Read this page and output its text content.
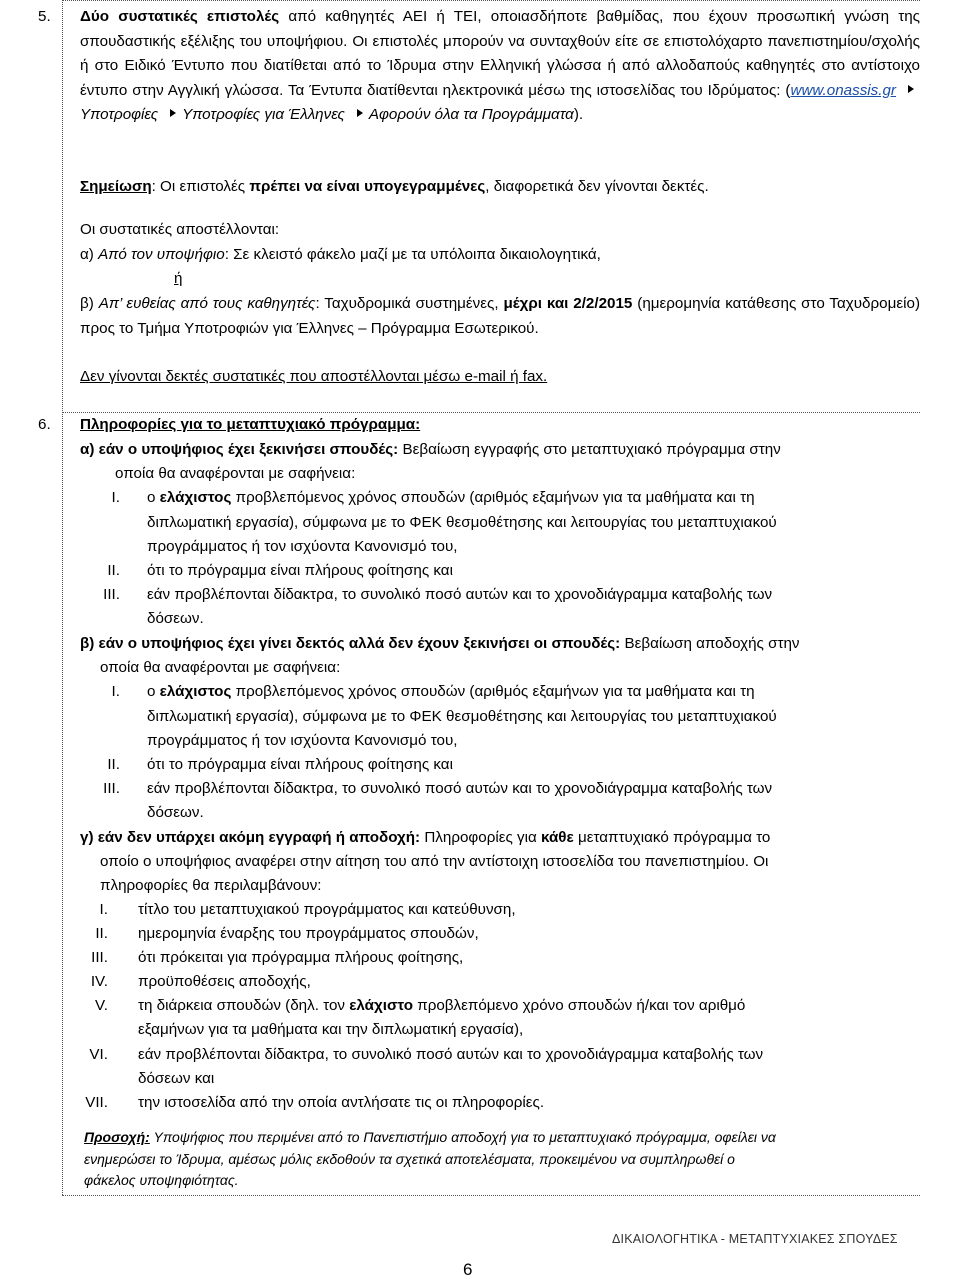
5. Δύο συστατικές επιστολές από καθηγητές ΑΕΙ ή ΤΕΙ, οποιασδήποτε βαθμίδας, που έχουν προσωπική γνώση της σπουδαστικής εξέλιξης του υποψήφιου. Οι επιστολές μπορούν να συνταχθούν είτε σε επιστολόχαρτο πανεπιστημίου/σχολής ή στο Ειδικό Έντυπο που διατίθεται από το Ίδρυμα στην Ελληνική γλώσσα ή από αλλοδαπούς καθηγητές στο αντίστοιχο έντυπο στην Αγγλική γλώσσα. Τα Έντυπα διατίθενται ηλεκτρονικά μέσω της ιστοσελίδας του Ιδρύματος: (www.onassis.grΥποτροφίες Υποτροφίες για Έλληνες Αφορούν όλα τα Προγράμματα).
Σημείωση: Οι επιστολές πρέπει να είναι υπογεγραμμένες, διαφορετικά δεν γίνονται δεκτές.
Οι συστατικές αποστέλλονται:
α) Από τον υποψήφιο: Σε κλειστό φάκελο μαζί με τα υπόλοιπα δικαιολογητικά,
ή
β) Απ’ ευθείας από τους καθηγητές: Ταχυδρομικά συστημένες, μέχρι και 2/2/2015 (ημερομηνία κατάθεσης στο Ταχυδρομείο) προς το Τμήμα Υποτροφιών για Έλληνες – Πρόγραμμα Εσωτερικού.
Δεν γίνονται δεκτές συστατικές που αποστέλλονται μέσω e-mail ή fax.
6. Πληροφορίες για το μεταπτυχιακό πρόγραμμα:
α) εάν ο υποψήφιος έχει ξεκινήσει σπουδές: Βεβαίωση εγγραφής στο μεταπτυχιακό πρόγραμμα στην
οποία θα αναφέρονται με σαφήνεια:
I. ο ελάχιστος προβλεπόμενος χρόνος σπουδών (αριθμός εξαμήνων για τα μαθήματα και τη
διπλωματική εργασία), σύμφωνα με το ΦΕΚ θεσμοθέτησης και λειτουργίας του μεταπτυχιακού
προγράμματος ή τον ισχύοντα Κανονισμό του,
II. ότι το πρόγραμμα είναι πλήρους φοίτησης και
III. εάν προβλέπονται δίδακτρα, το συνολικό ποσό αυτών και το χρονοδιάγραμμα καταβολής των
δόσεων.
β) εάν ο υποψήφιος έχει γίνει δεκτός αλλά δεν έχουν ξεκινήσει οι σπουδές: Βεβαίωση αποδοχής στην
οποία θα αναφέρονται με σαφήνεια:
I. ο ελάχιστος προβλεπόμενος χρόνος σπουδών (αριθμός εξαμήνων για τα μαθήματα και τη
διπλωματική εργασία), σύμφωνα με το ΦΕΚ θεσμοθέτησης και λειτουργίας του μεταπτυχιακού
προγράμματος ή τον ισχύοντα Κανονισμό του,
II. ότι το πρόγραμμα είναι πλήρους φοίτησης και
III. εάν προβλέπονται δίδακτρα, το συνολικό ποσό αυτών και το χρονοδιάγραμμα καταβολής των
δόσεων.
γ) εάν δεν υπάρχει ακόμη εγγραφή ή αποδοχή: Πληροφορίες για κάθε μεταπτυχιακό πρόγραμμα το
οποίο ο υποψήφιος αναφέρει στην αίτηση του από την αντίστοιχη ιστοσελίδα του πανεπιστημίου. Οι
πληροφορίες θα περιλαμβάνουν:
I. τίτλο του μεταπτυχιακού προγράμματος και κατεύθυνση,
II. ημερομηνία έναρξης του προγράμματος σπουδών,
III. ότι πρόκειται για πρόγραμμα πλήρους φοίτησης,
IV. προϋποθέσεις αποδοχής,
V. τη διάρκεια σπουδών (δηλ. τον ελάχιστο προβλεπόμενο χρόνο σπουδών ή/και τον αριθμό
εξαμήνων για τα μαθήματα και την διπλωματική εργασία),
VI. εάν προβλέπονται δίδακτρα, το συνολικό ποσό αυτών και το χρονοδιάγραμμα καταβολής των
δόσεων και
VII. την ιστοσελίδα από την οποία αντλήσατε τις οι πληροφορίες.
Προσοχή: Υποψήφιος που περιμένει από το Πανεπιστήμιο αποδοχή για το μεταπτυχιακό πρόγραμμα, οφείλει να
ενημερώσει το Ίδρυμα, αμέσως μόλις εκδοθούν τα σχετικά αποτελέσματα, προκειμένου να συμπληρωθεί ο
φάκελος υποψηφιότητας.
ΔΙΚΑΙΟΛΟΓΗΤΙΚΑ - ΜΕΤΑΠΤΥΧΙΑΚΕΣ ΣΠΟΥΔΕΣ
6
